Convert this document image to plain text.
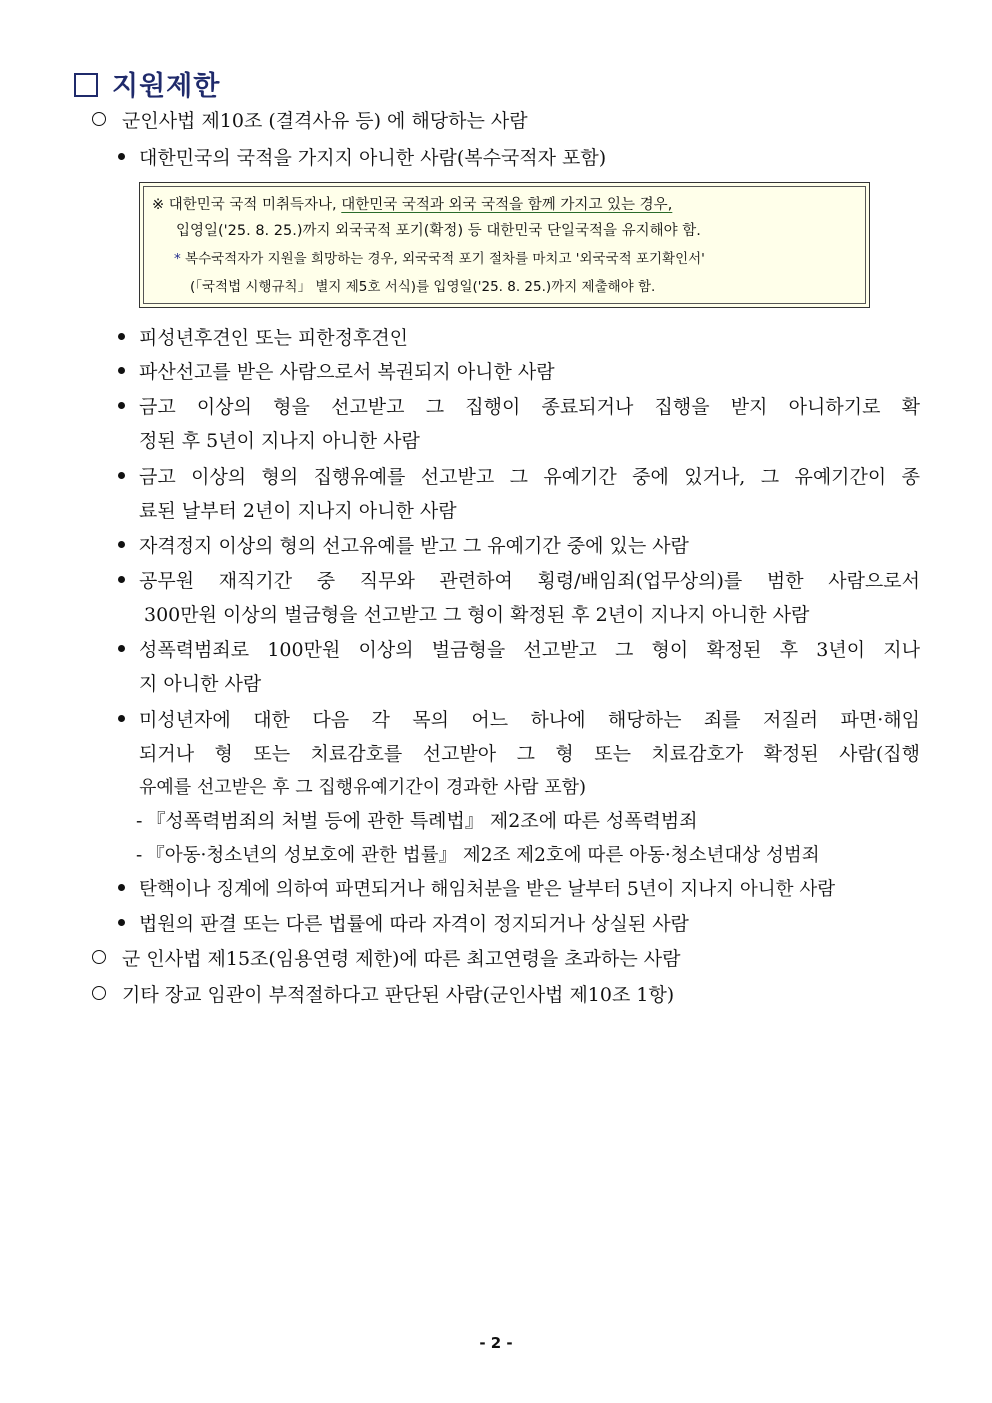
지원제한
군인사법 제10조 (결격사유 등) 에 해당하는 사람
대한민국의 국적을 가지지 아니한 사람(복수국적자 포함)
※ 대한민국 국적 미취득자나, 대한민국 국적과 외국 국적을 함께 가지고 있는 경우,
입영일('25. 8. 25.)까지 외국국적 포기(확정) 등 대한민국 단일국적을 유지해야 함.
* 복수국적자가 지원을 희망하는 경우, 외국국적 포기 절차를 마치고 '외국국적 포기확인서'
(「국적법 시행규칙」 별지 제5호 서식)를 입영일('25. 8. 25.)까지 제출해야 함.
피성년후견인 또는 피한정후견인
파산선고를 받은 사람으로서 복권되지 아니한 사람
금고 이상의 형을 선고받고 그 집행이 종료되거나 집행을 받지 아니하기로 확
정된 후 5년이 지나지 아니한 사람
금고 이상의 형의 집행유예를 선고받고 그 유예기간 중에 있거나, 그 유예기간이 종
료된 날부터 2년이 지나지 아니한 사람
자격정지 이상의 형의 선고유예를 받고 그 유예기간 중에 있는 사람
공무원 재직기간 중 직무와 관련하여 횡령/배임죄(업무상의)를 범한 사람으로서
300만원 이상의 벌금형을 선고받고 그 형이 확정된 후 2년이 지나지 아니한 사람
성폭력범죄로 100만원 이상의 벌금형을 선고받고 그 형이 확정된 후 3년이 지나
지 아니한 사람
미성년자에 대한 다음 각 목의 어느 하나에 해당하는 죄를 저질러 파면·해임
되거나 형 또는 치료감호를 선고받아 그 형 또는 치료감호가 확정된 사람(집행
유예를 선고받은 후 그 집행유예기간이 경과한 사람 포함)
- 『성폭력범죄의 처벌 등에 관한 특례법』 제2조에 따른 성폭력범죄
- 『아동·청소년의 성보호에 관한 법률』 제2조 제2호에 따른 아동·청소년대상 성범죄
탄핵이나 징계에 의하여 파면되거나 해임처분을 받은 날부터 5년이 지나지 아니한 사람
법원의 판결 또는 다른 법률에 따라 자격이 정지되거나 상실된 사람
군 인사법 제15조(임용연령 제한)에 따른 최고연령을 초과하는 사람
기타 장교 임관이 부적절하다고 판단된 사람(군인사법 제10조 1항)
- 2 -
